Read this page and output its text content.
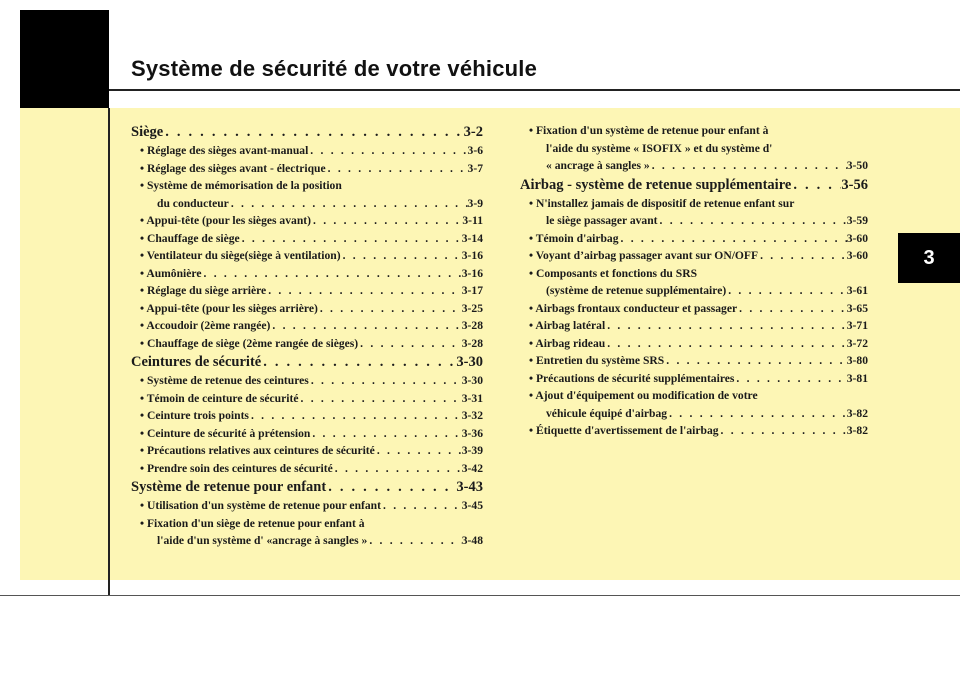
Système de sécurité de votre véhicule
3
Siège . . .	3-2
• Réglage des sièges avant-manual . . .	3-6
• Réglage des sièges avant - électrique . . .	3-7
• Système de mémorisation de la position
du conducteur . . .	3-9
• Appui-tête (pour les sièges avant) . . .	3-11
• Chauffage de siège . . .	3-14
• Ventilateur du siège(siège à ventilation) . . .	3-16
• Aumônière . . .	3-16
• Réglage du siège arrière . . .	3-17
• Appui-tête (pour les sièges arrière) . . .	3-25
• Accoudoir (2ème rangée) . . .	3-28
• Chauffage de siège (2ème rangée de sièges) . . .	3-28
Ceintures de sécurité . . .	3-30
• Système de retenue des ceintures . . .	3-30
• Témoin de ceinture de sécurité . . .	3-31
• Ceinture trois points . . .	3-32
• Ceinture de sécurité à prétension . . .	3-36
• Précautions relatives aux ceintures de sécurité . . .	3-39
• Prendre soin des ceintures de sécurité . . .	3-42
Système de retenue pour enfant . . .	3-43
• Utilisation d'un système de retenue pour enfant . . .	3-45
• Fixation d'un siège de retenue pour enfant à
l'aide d'un système d' «ancrage à sangles » . . .	3-48
• Fixation d'un système de retenue pour enfant à
l'aide du système « ISOFIX » et du système d'
« ancrage à sangles » . . .	3-50
Airbag - système de retenue supplémentaire . . .	3-56
• N'installez jamais de dispositif de retenue enfant sur
le siège passager avant . . .	3-59
• Témoin d'airbag . . .	3-60
• Voyant d’airbag passager avant sur ON/OFF . . .	3-60
• Composants et fonctions du SRS
(système de retenue supplémentaire) . . .	3-61
• Airbags frontaux conducteur et passager . . .	3-65
• Airbag latéral . . .	3-71
• Airbag rideau . . .	3-72
• Entretien du système SRS . . .	3-80
• Précautions de sécurité supplémentaires . . .	3-81
• Ajout d'équipement ou modification de votre
véhicule équipé d'airbag . . .	3-82
• Étiquette d'avertissement de l'airbag . . .	3-82
